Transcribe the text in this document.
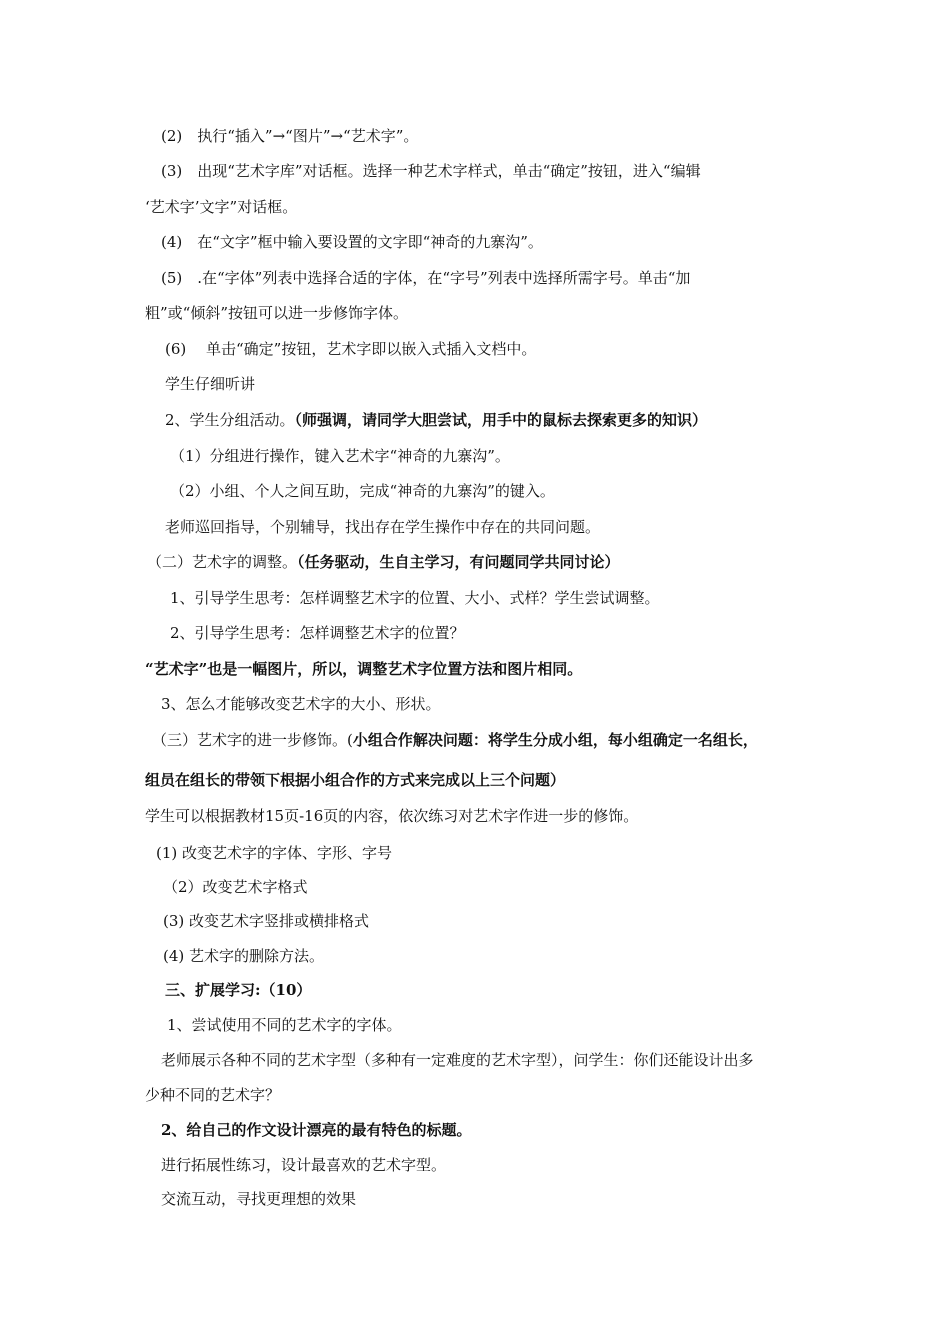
(2)　执行“插入”→“图片”→“艺术字”。
(3)　出现“艺术字库”对话框。选择一种艺术字样式，单击“确定”按钮，进入“编辑
‘艺术字’文字”对话框。
(4)　在“文字”框中输入要设置的文字即“神奇的九寨沟”。
(5)　.在“字体”列表中选择合适的字体，在“字号”列表中选择所需字号。单击“加
粗”或“倾斜”按钮可以进一步修饰字体。
(6)　 单击“确定”按钮，艺术字即以嵌入式插入文档中。
学生仔细听讲
2、学生分组活动。（师强调，请同学大胆尝试，用手中的鼠标去探索更多的知识）
（1）分组进行操作，键入艺术字“神奇的九寨沟”。
（2）小组、个人之间互助，完成“神奇的九寨沟”的键入。
老师巡回指导，个别辅导，找出存在学生操作中存在的共同问题。
（二）艺术字的调整。（任务驱动，生自主学习，有问题同学共同讨论）
1、引导学生思考：怎样调整艺术字的位置、大小、式样？学生尝试调整。
2、引导学生思考：怎样调整艺术字的位置？
“艺术字”也是一幅图片，所以，调整艺术字位置方法和图片相同。
3、怎么才能够改变艺术字的大小、形状。
（三）艺术字的进一步修饰。(小组合作解决问题：将学生分成小组，每小组确定一名组长，
组员在组长的带领下根据小组合作的方式来完成以上三个问题）
学生可以根据教材15页-16页的内容，依次练习对艺术字作进一步的修饰。
(1) 改变艺术字的字体、字形、字号
（2）改变艺术字格式
(3) 改变艺术字竖排或横排格式
(4) 艺术字的删除方法。
三、扩展学习:（10）
1、尝试使用不同的艺术字的字体。
老师展示各种不同的艺术字型（多种有一定难度的艺术字型），问学生：你们还能设计出多
少种不同的艺术字？
2、给自己的作文设计漂亮的最有特色的标题。
进行拓展性练习，设计最喜欢的艺术字型。
交流互动，寻找更理想的效果
